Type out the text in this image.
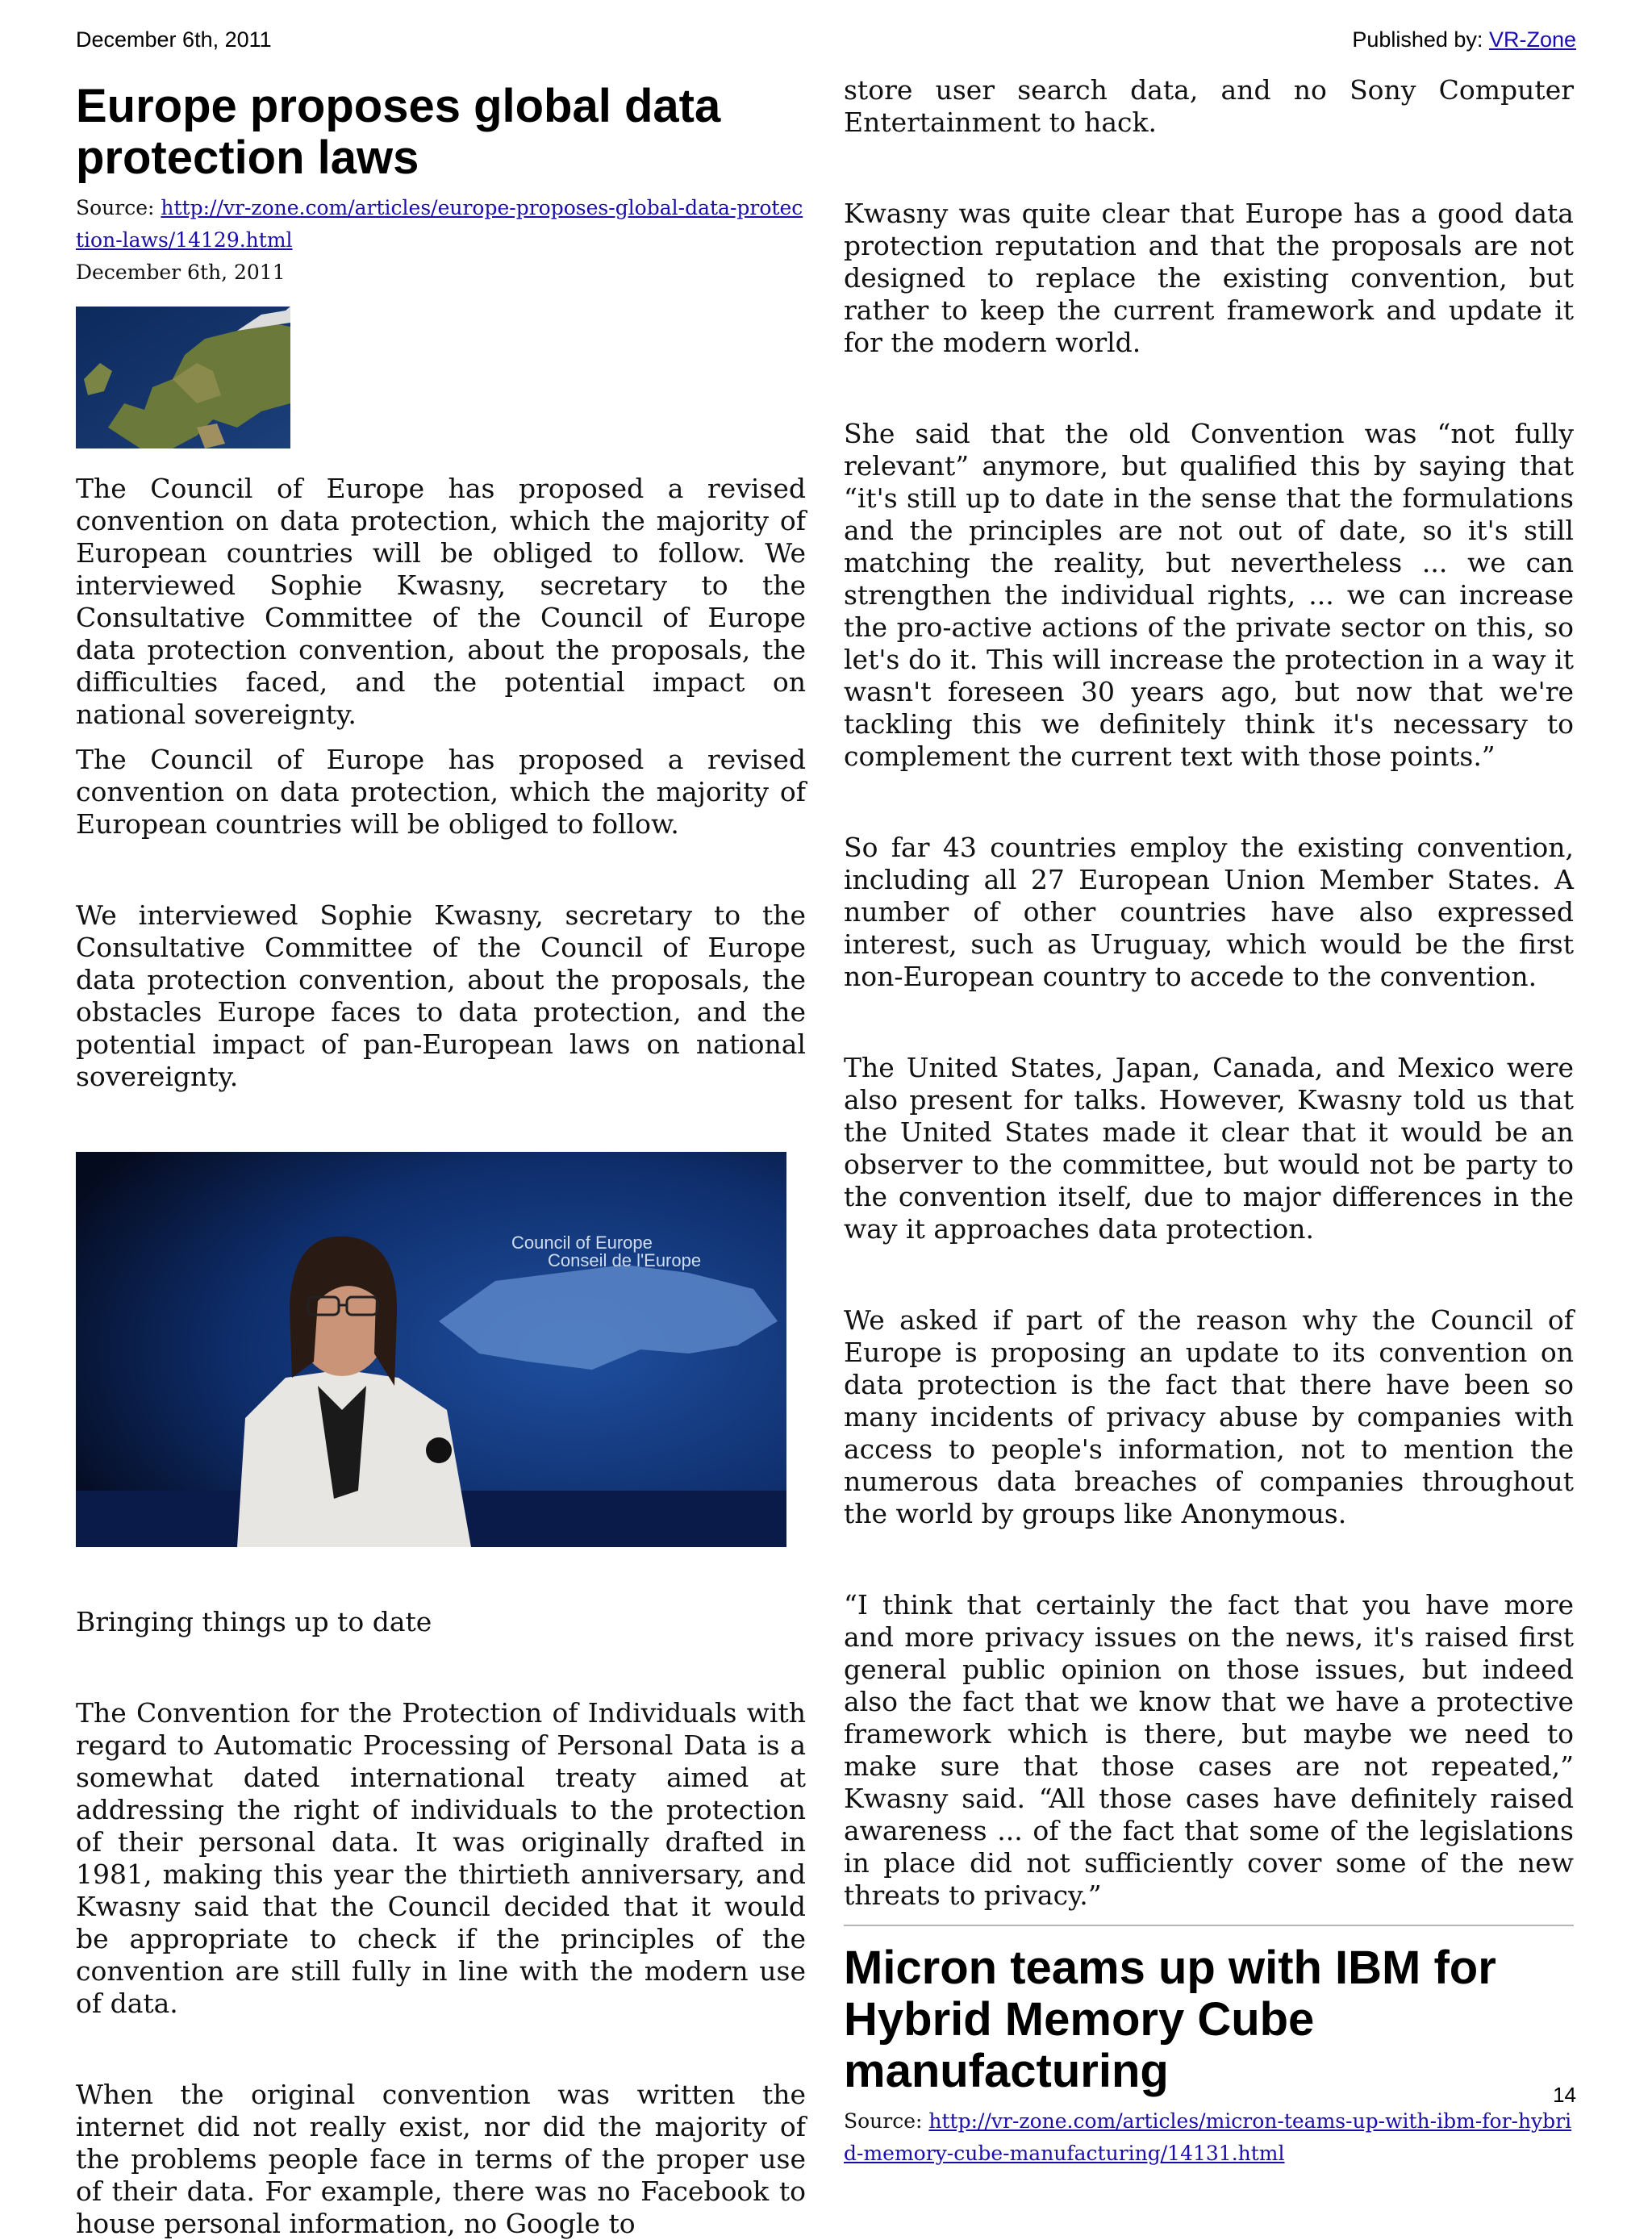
December 6th, 2011	Published by: VR-Zone
Europe proposes global data protection laws
Source: http://vr-zone.com/articles/europe-proposes-global-data-protection-laws/14129.html
December 6th, 2011

The Council of Europe has proposed a revised convention on data protection, which the majority of European countries will be obliged to follow. We interviewed Sophie Kwasny, secretary to the Consultative Committee of the Council of Europe data protection convention, about the proposals, the difficulties faced, and the potential impact on national sovereignty.

The Council of Europe has proposed a revised convention on data protection, which the majority of European countries will be obliged to follow.

We interviewed Sophie Kwasny, secretary to the Consultative Committee of the Council of Europe data protection convention, about the proposals, the obstacles Europe faces to data protection, and the potential impact of pan-European laws on national sovereignty.

Council of Europe
Conseil de l'Europe

Bringing things up to date

The Convention for the Protection of Individuals with regard to Automatic Processing of Personal Data is a somewhat dated international treaty aimed at addressing the right of individuals to the protection of their personal data. It was originally drafted in 1981, making this year the thirtieth anniversary, and Kwasny said that the Council decided that it would be appropriate to check if the principles of the convention are still fully in line with the modern use of data.

When the original convention was written the internet did not really exist, nor did the majority of the problems people face in terms of the proper use of their data. For example, there was no Facebook to house personal information, no Google to

store user search data, and no Sony Computer Entertainment to hack.

Kwasny was quite clear that Europe has a good data protection reputation and that the proposals are not designed to replace the existing convention, but rather to keep the current framework and update it for the modern world.

She said that the old Convention was “not fully relevant” anymore, but qualified this by saying that “it's still up to date in the sense that the formulations and the principles are not out of date, so it's still matching the reality, but nevertheless ... we can strengthen the individual rights, ... we can increase the pro-active actions of the private sector on this, so let's do it. This will increase the protection in a way it wasn't foreseen 30 years ago, but now that we're tackling this we definitely think it's necessary to complement the current text with those points.”

So far 43 countries employ the existing convention, including all 27 European Union Member States. A number of other countries have also expressed interest, such as Uruguay, which would be the first non-European country to accede to the convention.

The United States, Japan, Canada, and Mexico were also present for talks. However, Kwasny told us that the United States made it clear that it would be an observer to the committee, but would not be party to the convention itself, due to major differences in the way it approaches data protection.

We asked if part of the reason why the Council of Europe is proposing an update to its convention on data protection is the fact that there have been so many incidents of privacy abuse by companies with access to people's information, not to mention the numerous data breaches of companies throughout the world by groups like Anonymous.

“I think that certainly the fact that you have more and more privacy issues on the news, it's raised first general public opinion on those issues, but indeed also the fact that we know that we have a protective framework which is there, but maybe we need to make sure that those cases are not repeated,” Kwasny said. “All those cases have definitely raised awareness ... of the fact that some of the legislations in place did not sufficiently cover some of the new threats to privacy.”

Micron teams up with IBM for Hybrid Memory Cube manufacturing
Source: http://vr-zone.com/articles/micron-teams-up-with-ibm-for-hybrid-memory-cube-manufacturing/14131.html
14
